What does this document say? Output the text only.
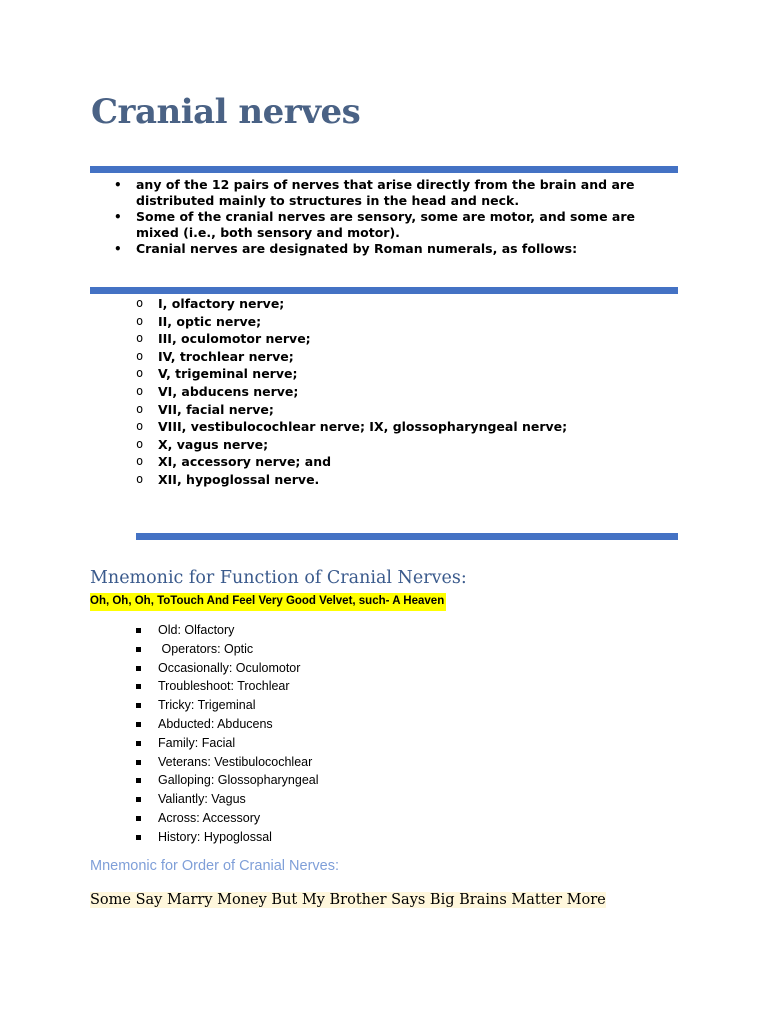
Cranial nerves
• any of the 12 pairs of nerves that arise directly from the brain and are distributed mainly to structures in the head and neck.
• Some of the cranial nerves are sensory, some are motor, and some are mixed (i.e., both sensory and motor).
• Cranial nerves are designated by Roman numerals, as follows:
o I, olfactory nerve;
o II, optic nerve;
o III, oculomotor nerve;
o IV, trochlear nerve;
o V, trigeminal nerve;
o VI, abducens nerve;
o VII, facial nerve;
o VIII, vestibulocochlear nerve; IX, glossopharyngeal nerve;
o X, vagus nerve;
o XI, accessory nerve; and
o XII, hypoglossal nerve.
Mnemonic for Function of Cranial Nerves:
Oh, Oh, Oh, ToTouch And Feel Very Good Velvet, such- A Heaven
Old: Olfactory
Operators: Optic
Occasionally: Oculomotor
Troubleshoot: Trochlear
Tricky: Trigeminal
Abducted: Abducens
Family: Facial
Veterans: Vestibulocochlear
Galloping: Glossopharyngeal
Valiantly: Vagus
Across: Accessory
History: Hypoglossal
Mnemonic for Order of Cranial Nerves:

Some Say Marry Money But My Brother Says Big Brains Matter More
